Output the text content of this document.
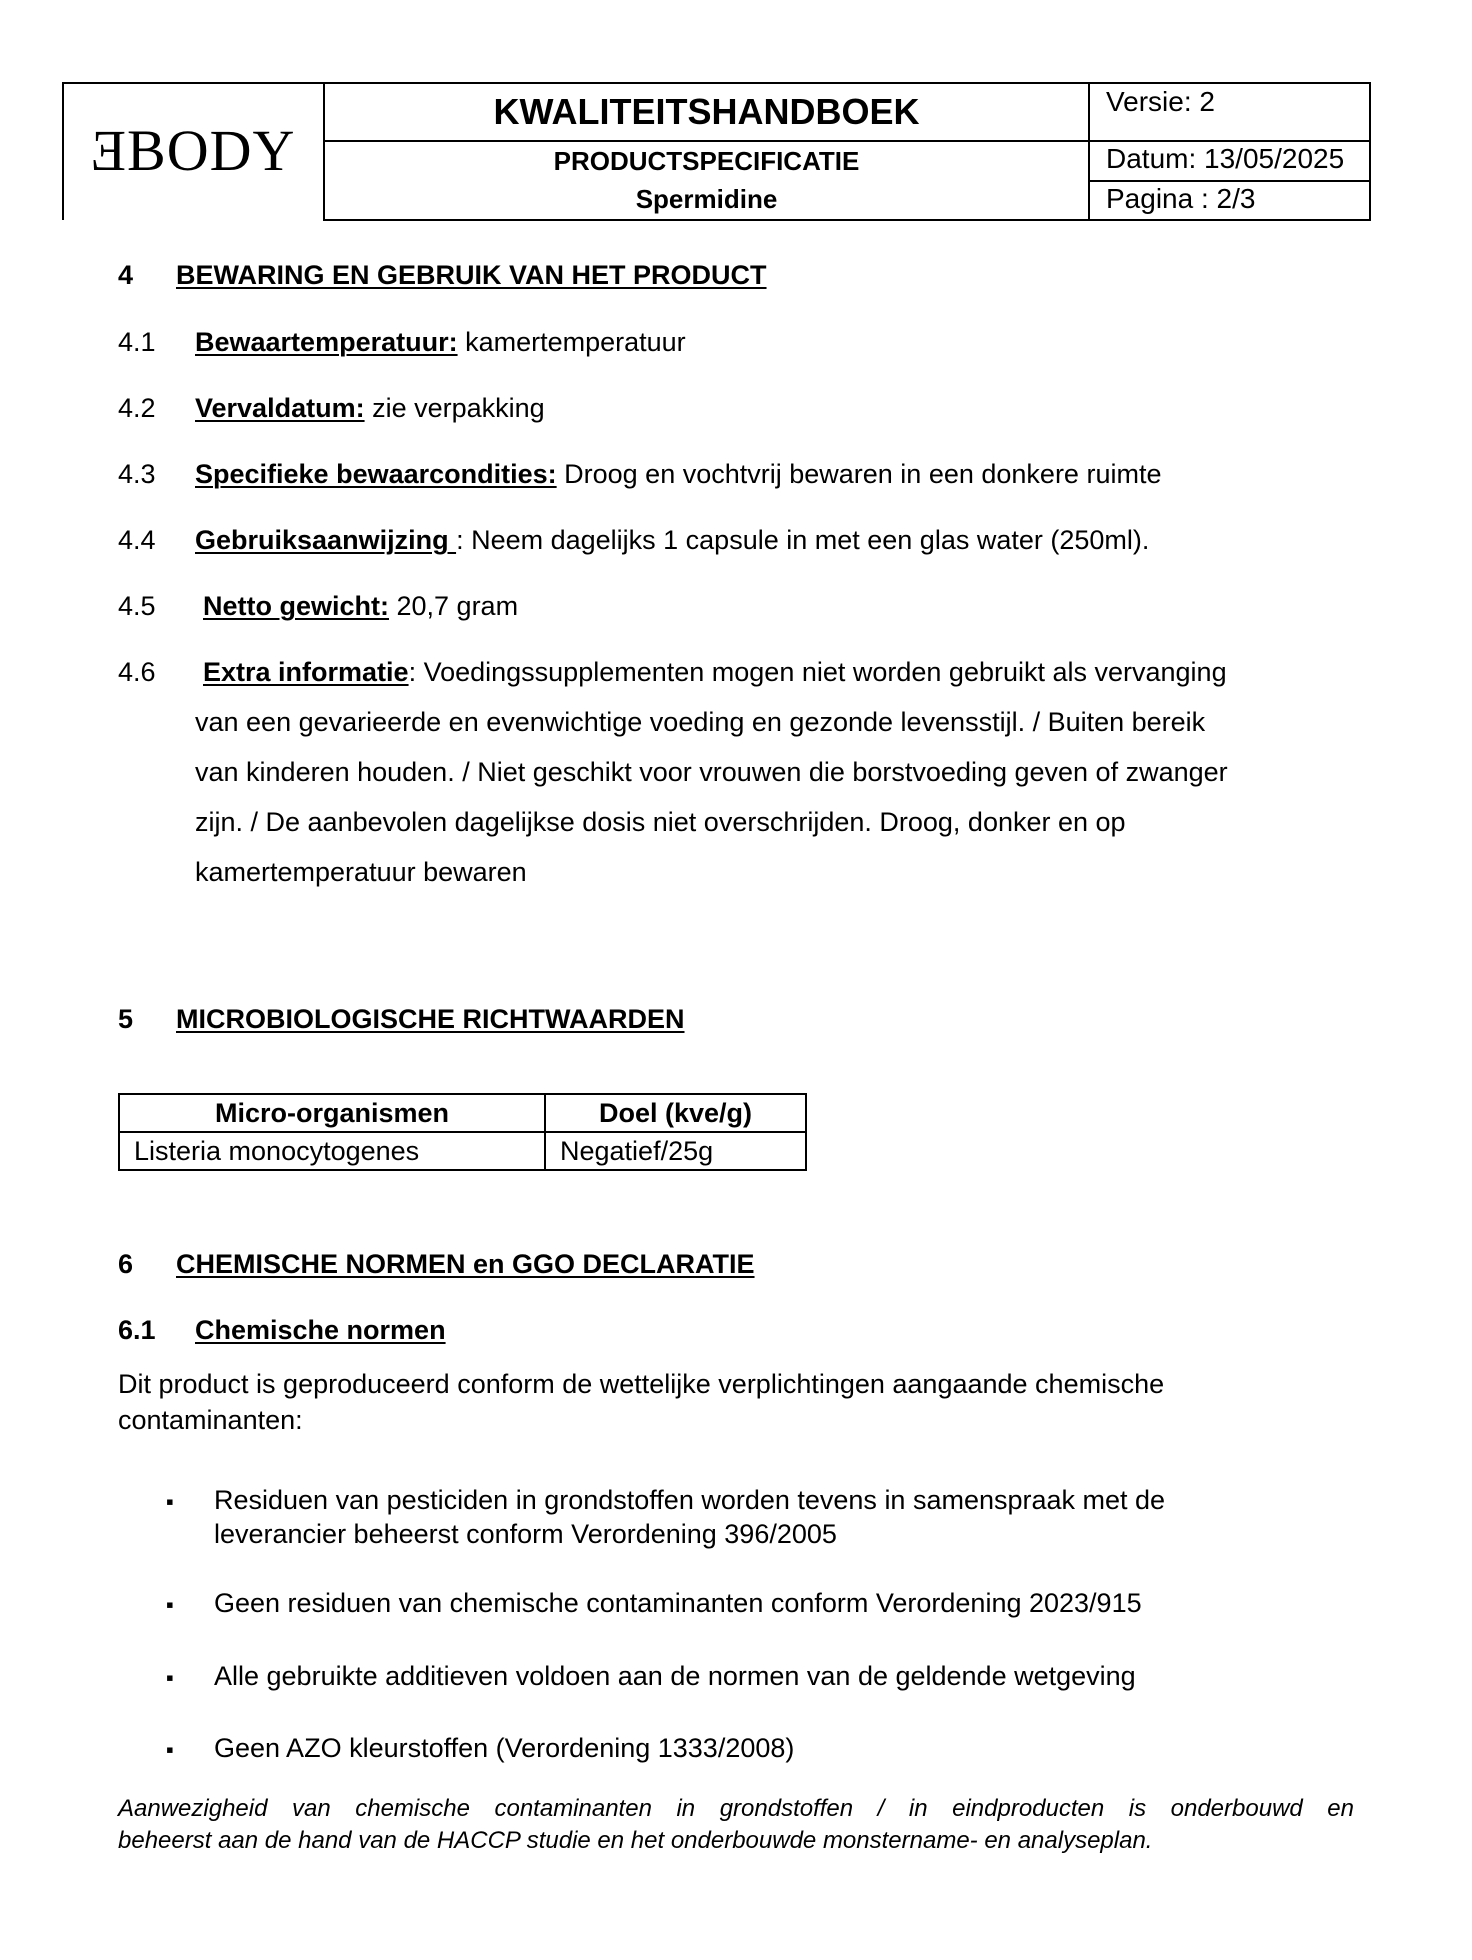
ƎBODY
KWALITEITSHANDBOEK
PRODUCTSPECIFICATIE
Spermidine
Versie: 2
Datum: 13/05/2025
Pagina : 2/3
4 BEWARING EN GEBRUIK VAN HET PRODUCT
4.1 Bewaartemperatuur: kamertemperatuur
4.2 Vervaldatum: zie verpakking
4.3 Specifieke bewaarcondities: Droog en vochtvrij bewaren in een donkere ruimte
4.4 Gebruiksaanwijzing : Neem dagelijks 1 capsule in met een glas water (250ml).
4.5 Netto gewicht: 20,7 gram
4.6 Extra informatie: Voedingssupplementen mogen niet worden gebruikt als vervanging
van een gevarieerde en evenwichtige voeding en gezonde levensstijl. / Buiten bereik
van kinderen houden. / Niet geschikt voor vrouwen die borstvoeding geven of zwanger
zijn. / De aanbevolen dagelijkse dosis niet overschrijden. Droog, donker en op
kamertemperatuur bewaren
5 MICROBIOLOGISCHE RICHTWAARDEN
Micro-organismen	Doel (kve/g)
Listeria monocytogenes	Negatief/25g
6 CHEMISCHE NORMEN en GGO DECLARATIE
6.1 Chemische normen
Dit product is geproduceerd conform de wettelijke verplichtingen aangaande chemische
contaminanten:
▪ Residuen van pesticiden in grondstoffen worden tevens in samenspraak met de
leverancier beheerst conform Verordening 396/2005
▪ Geen residuen van chemische contaminanten conform Verordening 2023/915
▪ Alle gebruikte additieven voldoen aan de normen van de geldende wetgeving
▪ Geen AZO kleurstoffen (Verordening 1333/2008)
Aanwezigheid van chemische contaminanten in grondstoffen / in eindproducten is onderbouwd en
beheerst aan de hand van de HACCP studie en het onderbouwde monstername- en analyseplan.
